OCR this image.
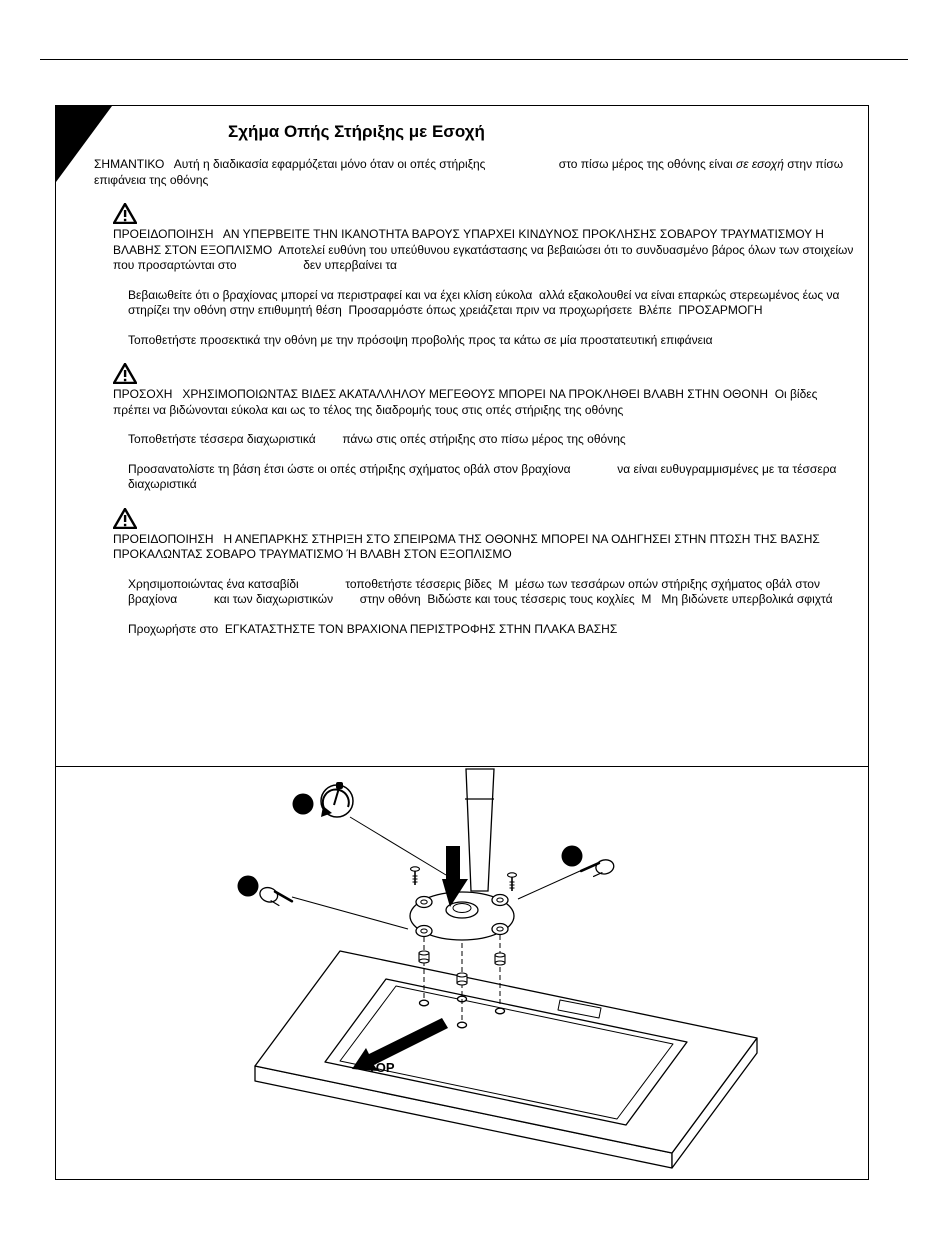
Σχήμα Οπής Στήριξης με Εσοχή

ΣΗΜΑΝΤΙΚΟ   Αυτή η διαδικασία εφαρμόζεται μόνο όταν οι οπές στήριξης                      στο πίσω μέρος της οθόνης είναι σε εσοχή στην πίσω επιφάνεια της οθόνης

ΠΡΟΕΙΔΟΠΟΙΗΣΗ   ΑΝ ΥΠΕΡΒΕΙΤΕ ΤΗΝ ΙΚΑΝΟΤΗΤΑ ΒΑΡΟΥΣ ΥΠΑΡΧΕΙ ΚΙΝΔΥΝΟΣ ΠΡΟΚΛΗΣΗΣ ΣΟΒΑΡΟΥ ΤΡΑΥΜΑΤΙΣΜΟΥ Η ΒΛΑΒΗΣ ΣΤΟΝ ΕΞΟΠΛΙΣΜΟ  Αποτελεί ευθύνη του υπεύθυνου εγκατάστασης να βεβαιώσει ότι το συνδυασμένο βάρος όλων των στοιχείων που προσαρτώνται στο                    δεν υπερβαίνει τα

Βεβαιωθείτε ότι ο βραχίονας μπορεί να περιστραφεί και να έχει κλίση εύκολα  αλλά εξακολουθεί να είναι επαρκώς στερεωμένος έως να στηρίζει την οθόνη στην επιθυμητή θέση  Προσαρμόστε όπως χρειάζεται πριν να προχωρήσετε  Βλέπε  ΠΡΟΣΑΡΜΟΓΗ

Τοποθετήστε προσεκτικά την οθόνη με την πρόσοψη προβολής προς τα κάτω σε μία προστατευτική επιφάνεια

ΠΡΟΣΟΧΗ   ΧΡΗΣΙΜΟΠΟΙΩΝΤΑΣ ΒΙΔΕΣ ΑΚΑΤΑΛΛΗΛΟΥ ΜΕΓΕΘΟΥΣ ΜΠΟΡΕΙ ΝΑ ΠΡΟΚΛΗΘΕΙ ΒΛΑΒΗ ΣΤΗΝ ΟΘΟΝΗ  Οι βίδες πρέπει να βιδώνονται εύκολα και ως το τέλος της διαδρομής τους στις οπές στήριξης της οθόνης

Τοποθετήστε τέσσερα διαχωριστικά        πάνω στις οπές στήριξης στο πίσω μέρος της οθόνης

Προσανατολίστε τη βάση έτσι ώστε οι οπές στήριξης σχήματος οβάλ στον βραχίονα              να είναι ευθυγραμμισμένες με τα τέσσερα διαχωριστικά

ΠΡΟΕΙΔΟΠΟΙΗΣΗ   Η ΑΝΕΠΑΡΚΗΣ ΣΤΗΡΙΞΗ ΣΤΟ ΣΠΕΙΡΩΜΑ ΤΗΣ ΟΘΟΝΗΣ ΜΠΟΡΕΙ ΝΑ ΟΔΗΓΗΣΕΙ ΣΤΗΝ ΠΤΩΣΗ ΤΗΣ ΒΑΣΗΣ ΠΡΟΚΑΛΩΝΤΑΣ ΣΟΒΑΡΟ ΤΡΑΥΜΑΤΙΣΜΟ Ή ΒΛΑΒΗ ΣΤΟΝ ΕΞΟΠΛΙΣΜΟ

Χρησιμοποιώντας ένα κατσαβίδι              τοποθετήστε τέσσερις βίδες  Μ  μέσω των τεσσάρων οπών στήριξης σχήματος οβάλ στον βραχίονα           και των διαχωριστικών        στην οθόνη  Βιδώστε και τους τέσσερις τους κοχλίες  Μ   Μη βιδώνετε υπερβολικά σφιχτά

Προχωρήστε στο  ΕΓΚΑΤΑΣΤΗΣΤΕ ΤΟΝ ΒΡΑΧΙΟΝΑ ΠΕΡΙΣΤΡΟΦΗΣ ΣΤΗΝ ΠΛΑΚΑ ΒΑΣΗΣ

TOP
